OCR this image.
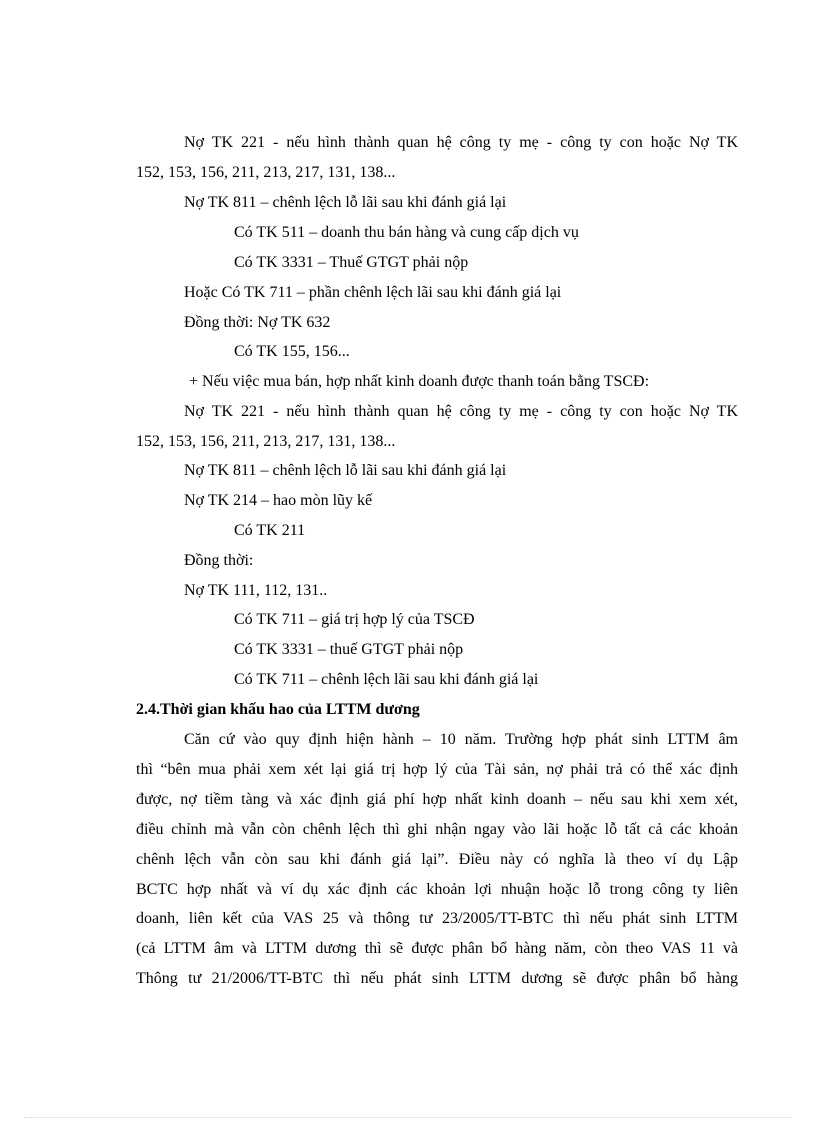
Nợ TK 221 - nếu hình thành quan hệ công ty mẹ - công ty con hoặc Nợ TK
152, 153, 156, 211, 213, 217, 131, 138...
Nợ TK 811 – chênh lệch lỗ lãi sau khi đánh giá lại
Có TK 511 – doanh thu bán hàng và cung cấp dịch vụ
Có TK 3331 – Thuế GTGT phải nộp
Hoặc Có TK 711 – phần chênh lệch lãi sau khi đánh giá lại
Đồng thời: Nợ TK 632
Có TK 155, 156...
+ Nếu việc mua bán, hợp nhất kinh doanh được thanh toán bằng TSCĐ:
Nợ TK 221 - nếu hình thành quan hệ công ty mẹ - công ty con hoặc Nợ TK
152, 153, 156, 211, 213, 217, 131, 138...
Nợ TK 811 – chênh lệch lỗ lãi sau khi đánh giá lại
Nợ TK 214 – hao mòn lũy kế
Có TK 211
Đồng thời:
Nợ TK 111, 112, 131..
Có TK 711 – giá trị hợp lý của TSCĐ
Có TK 3331 – thuế GTGT phải nộp
Có TK 711 – chênh lệch lãi sau khi đánh giá lại
2.4.Thời gian khấu hao của LTTM dương
Căn cứ vào quy định hiện hành – 10 năm. Trường hợp phát sinh LTTM âm
thì “bên mua phải xem xét lại giá trị hợp lý của Tài sản, nợ phải trả có thể xác định
được, nợ tiềm tàng và xác định giá phí hợp nhất kinh doanh – nếu sau khi xem xét,
điều chỉnh mà vẫn còn chênh lệch thì ghi nhận ngay vào lãi hoặc lỗ tất cả các khoản
chênh lệch vẫn còn sau khi đánh giá lại”. Điều này có nghĩa là theo ví dụ Lập
BCTC hợp nhất và ví dụ xác định các khoản lợi nhuận hoặc lỗ trong công ty liên
doanh, liên kết của VAS 25 và thông tư 23/2005/TT-BTC thì nếu phát sinh LTTM
(cả LTTM âm và LTTM dương thì sẽ được phân bổ hàng năm, còn theo VAS 11 và
Thông tư 21/2006/TT-BTC thì nếu phát sinh LTTM dương sẽ được phân bổ hàng
